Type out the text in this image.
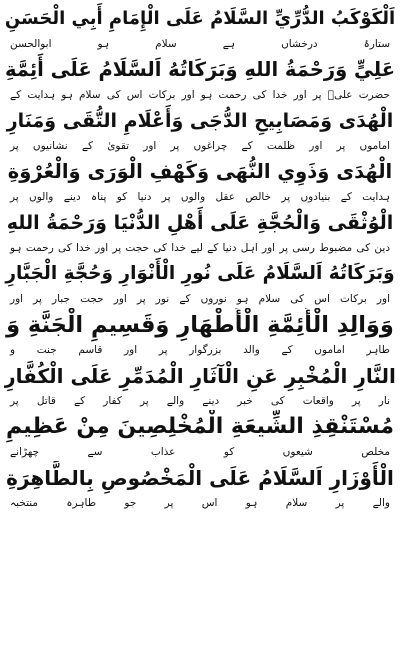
اَلْكَوْكَبُ الدُّرِّيِّ السَّلَامُ عَلَى الْإِمَامِ أَبِي الْحَسَنِ
ستارۂ درخشاں ہے سلام ہو ابوالحسن
عَلِيٍّ وَرَحْمَةُ اللهِ وَبَرَكَاتُهُ اَلسَّلَامُ عَلَى أَئِمَّةِ
حضرت علیؑ پر اور خدا کی رحمت ہو اور برکات اس کی سلام ہو ہدایت کے
الْهُدَى وَمَصَابِيحِ الدُّجَى وَأَعْلَامِ التُّقَى وَمَنَارِ
اماموں پر اور ظلمت کے چراغوں پر اور تقویٰ کے نشانیوں پر
الْهُدَى وَذَوِي النُّهَى وَكَهْفِ الْوَرَى وَالْعُرْوَةِ
ہدایت کے بنیادوں پر خالص عقل والوں پر دنیا کو پناہ دینے والوں پر
الْوُثْقَى وَالْحُجَّةِ عَلَى أَهْلِ الدُّنْيَا وَرَحْمَةُ اللهِ
دین کی مضبوط رسی پر اور اہل دنیا کے لیے خدا کی حجت پر اور خدا کی رحمت ہو
وَبَرَكَاتُهُ اَلسَّلَامُ عَلَى نُورِ الْأَنْوَارِ وَحُجَّةِ الْجَبَّارِ
اور برکات اس کی سلام ہو نوروں کے نور پر اور حجت جبار پر اور
وَوَالِدِ الْأَئِمَّةِ الْأَطْهَارِ وَقَسِيمِ الْجَنَّةِ وَ
طاہر اماموں کے والد بزرگوار پر اور قاسم جنت و
النَّارِ الْمُخْبِرِ عَنِ الْآثَارِ الْمُدَمِّرِ عَلَى الْكُفَّارِ
نار پر واقعات کی خبر دینے والے پر کفار کے قاتل پر
مُسْتَنْقِذِ الشِّيعَةِ الْمُخْلِصِينَ مِنْ عَظِيمِ
مخلص شیعوں کو عذاب سے چھڑانے
الْأَوْزَارِ اَلسَّلَامُ عَلَى الْمَخْصُوصِ بِالطَّاهِرَةِ
والے پر سلام ہو اس پر جو طاہرہ منتخبہ
